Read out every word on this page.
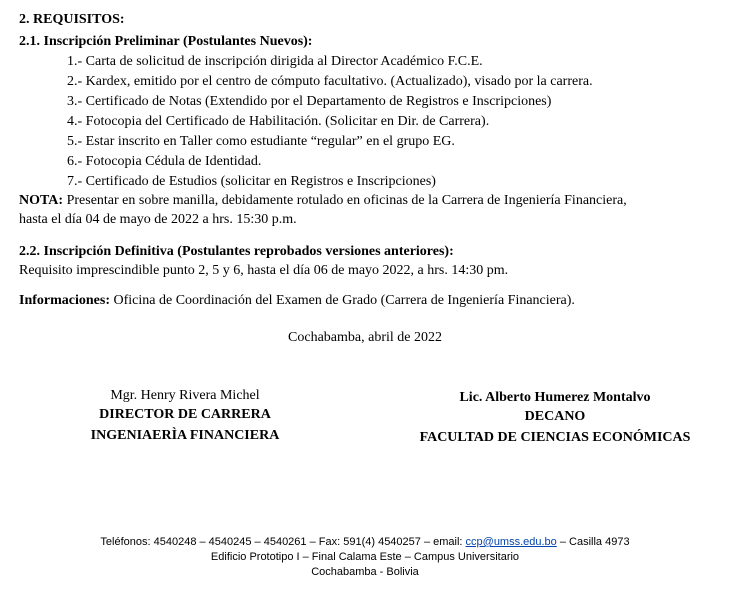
2. REQUISITOS:
2.1. Inscripción Preliminar (Postulantes Nuevos):
1.- Carta de solicitud de inscripción dirigida al Director Académico F.C.E.
2.- Kardex, emitido por el centro de cómputo facultativo. (Actualizado), visado por la carrera.
3.- Certificado de Notas (Extendido por el Departamento de Registros e Inscripciones)
4.- Fotocopia del Certificado de Habilitación. (Solicitar en Dir. de Carrera).
5.- Estar inscrito en Taller como estudiante “regular” en el grupo EG.
6.- Fotocopia Cédula de Identidad.
7.- Certificado de Estudios (solicitar en Registros e Inscripciones)
NOTA: Presentar en sobre manilla, debidamente rotulado en oficinas de la Carrera de Ingeniería Financiera,
hasta el día 04 de mayo de 2022 a hrs. 15:30 p.m.
2.2. Inscripción Definitiva (Postulantes reprobados versiones anteriores):
Requisito imprescindible punto 2, 5 y 6, hasta el día 06 de mayo 2022, a hrs. 14:30 pm.
Informaciones: Oficina de Coordinación del Examen de Grado (Carrera de Ingeniería Financiera).
Cochabamba, abril de 2022
Mgr. Henry Rivera Michel
DIRECTOR DE CARRERA
INGENIAERÌA FINANCIERA
Lic. Alberto Humerez Montalvo
DECANO
FACULTAD DE CIENCIAS ECONÓMICAS
Teléfonos: 4540248 – 4540245 – 4540261 – Fax: 591(4) 4540257 – email: ccp@umss.edu.bo – Casilla 4973
Edificio Prototipo I – Final Calama Este – Campus Universitario
Cochabamba - Bolivia
